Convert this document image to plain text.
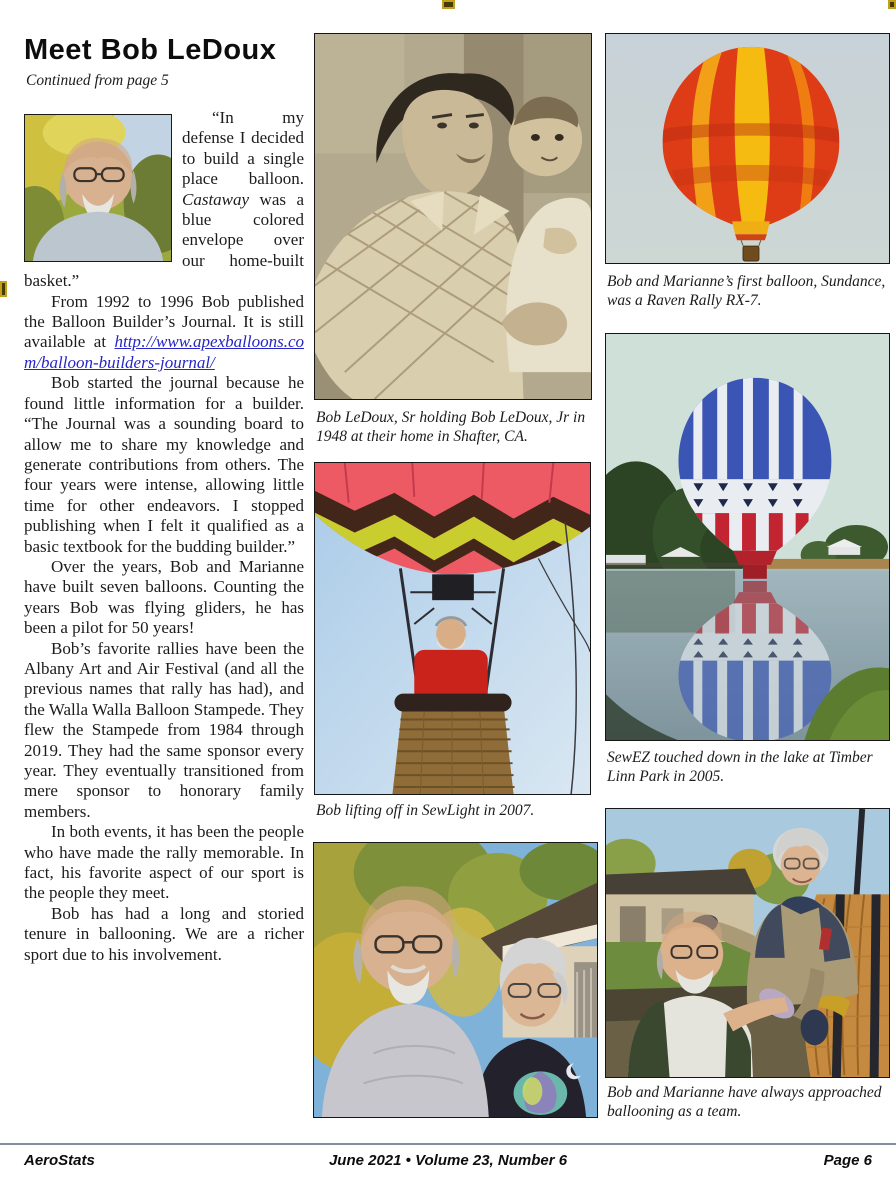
Meet Bob LeDoux
Continued from page 5

“In my defense I decided to build a single place balloon. Castaway was a blue colored envelope over our home-built basket.”

From 1992 to 1996 Bob published the Balloon Builder’s Journal. It is still available at http://www.apexballoons.com/balloon-builders-journal/

Bob started the journal because he found little information for a builder. “The Journal was a sounding board to allow me to share my knowledge and generate contributions from others. The four years were intense, allowing little time for other endeavors. I stopped publishing when I felt it qualified as a basic textbook for the budding builder.”

Over the years, Bob and Marianne have built seven balloons. Counting the years Bob was flying gliders, he has been a pilot for 50 years!

Bob’s favorite rallies have been the Albany Art and Air Festival (and all the previous names that rally has had), and the Walla Walla Balloon Stampede. They flew the Stampede from 1984 through 2019. They had the same sponsor every year. They eventually transitioned from mere sponsor to honorary family members.

In both events, it has been the people who have made the rally memorable. In fact, his favorite aspect of our sport is the people they meet.

Bob has had a long and storied tenure in ballooning. We are a richer sport due to his involvement.

Bob LeDoux, Sr holding Bob LeDoux, Jr in 1948 at their home in Shafter, CA.
Bob lifting off in SewLight in 2007.
Bob and Marianne’s first balloon, Sundance, was a Raven Rally RX-7.
SewEZ touched down in the lake at Timber Linn Park in 2005.
Bob and Marianne have always approached ballooning as a team.
June 2021 • Volume 23, Number 6
AeroStats	Page 6
